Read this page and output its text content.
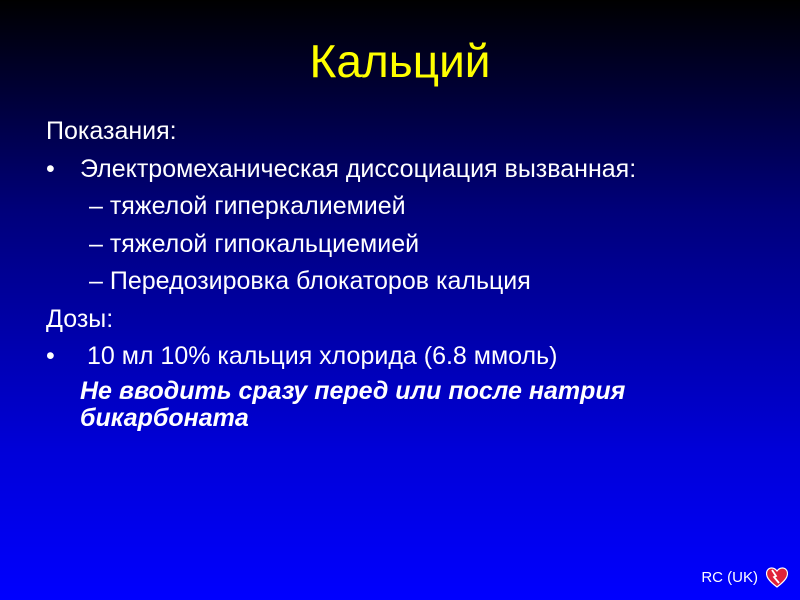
Кальций
Показания:
• Электромеханическая диссоциация вызванная:
– тяжелой гиперкалиемией
– тяжелой гипокальциемией
– Передозировка блокаторов кальция
Дозы:
• 10 мл 10% кальция хлорида (6.8 ммоль)
Не вводить сразу перед или после натрия бикарбоната
RC (UK)
